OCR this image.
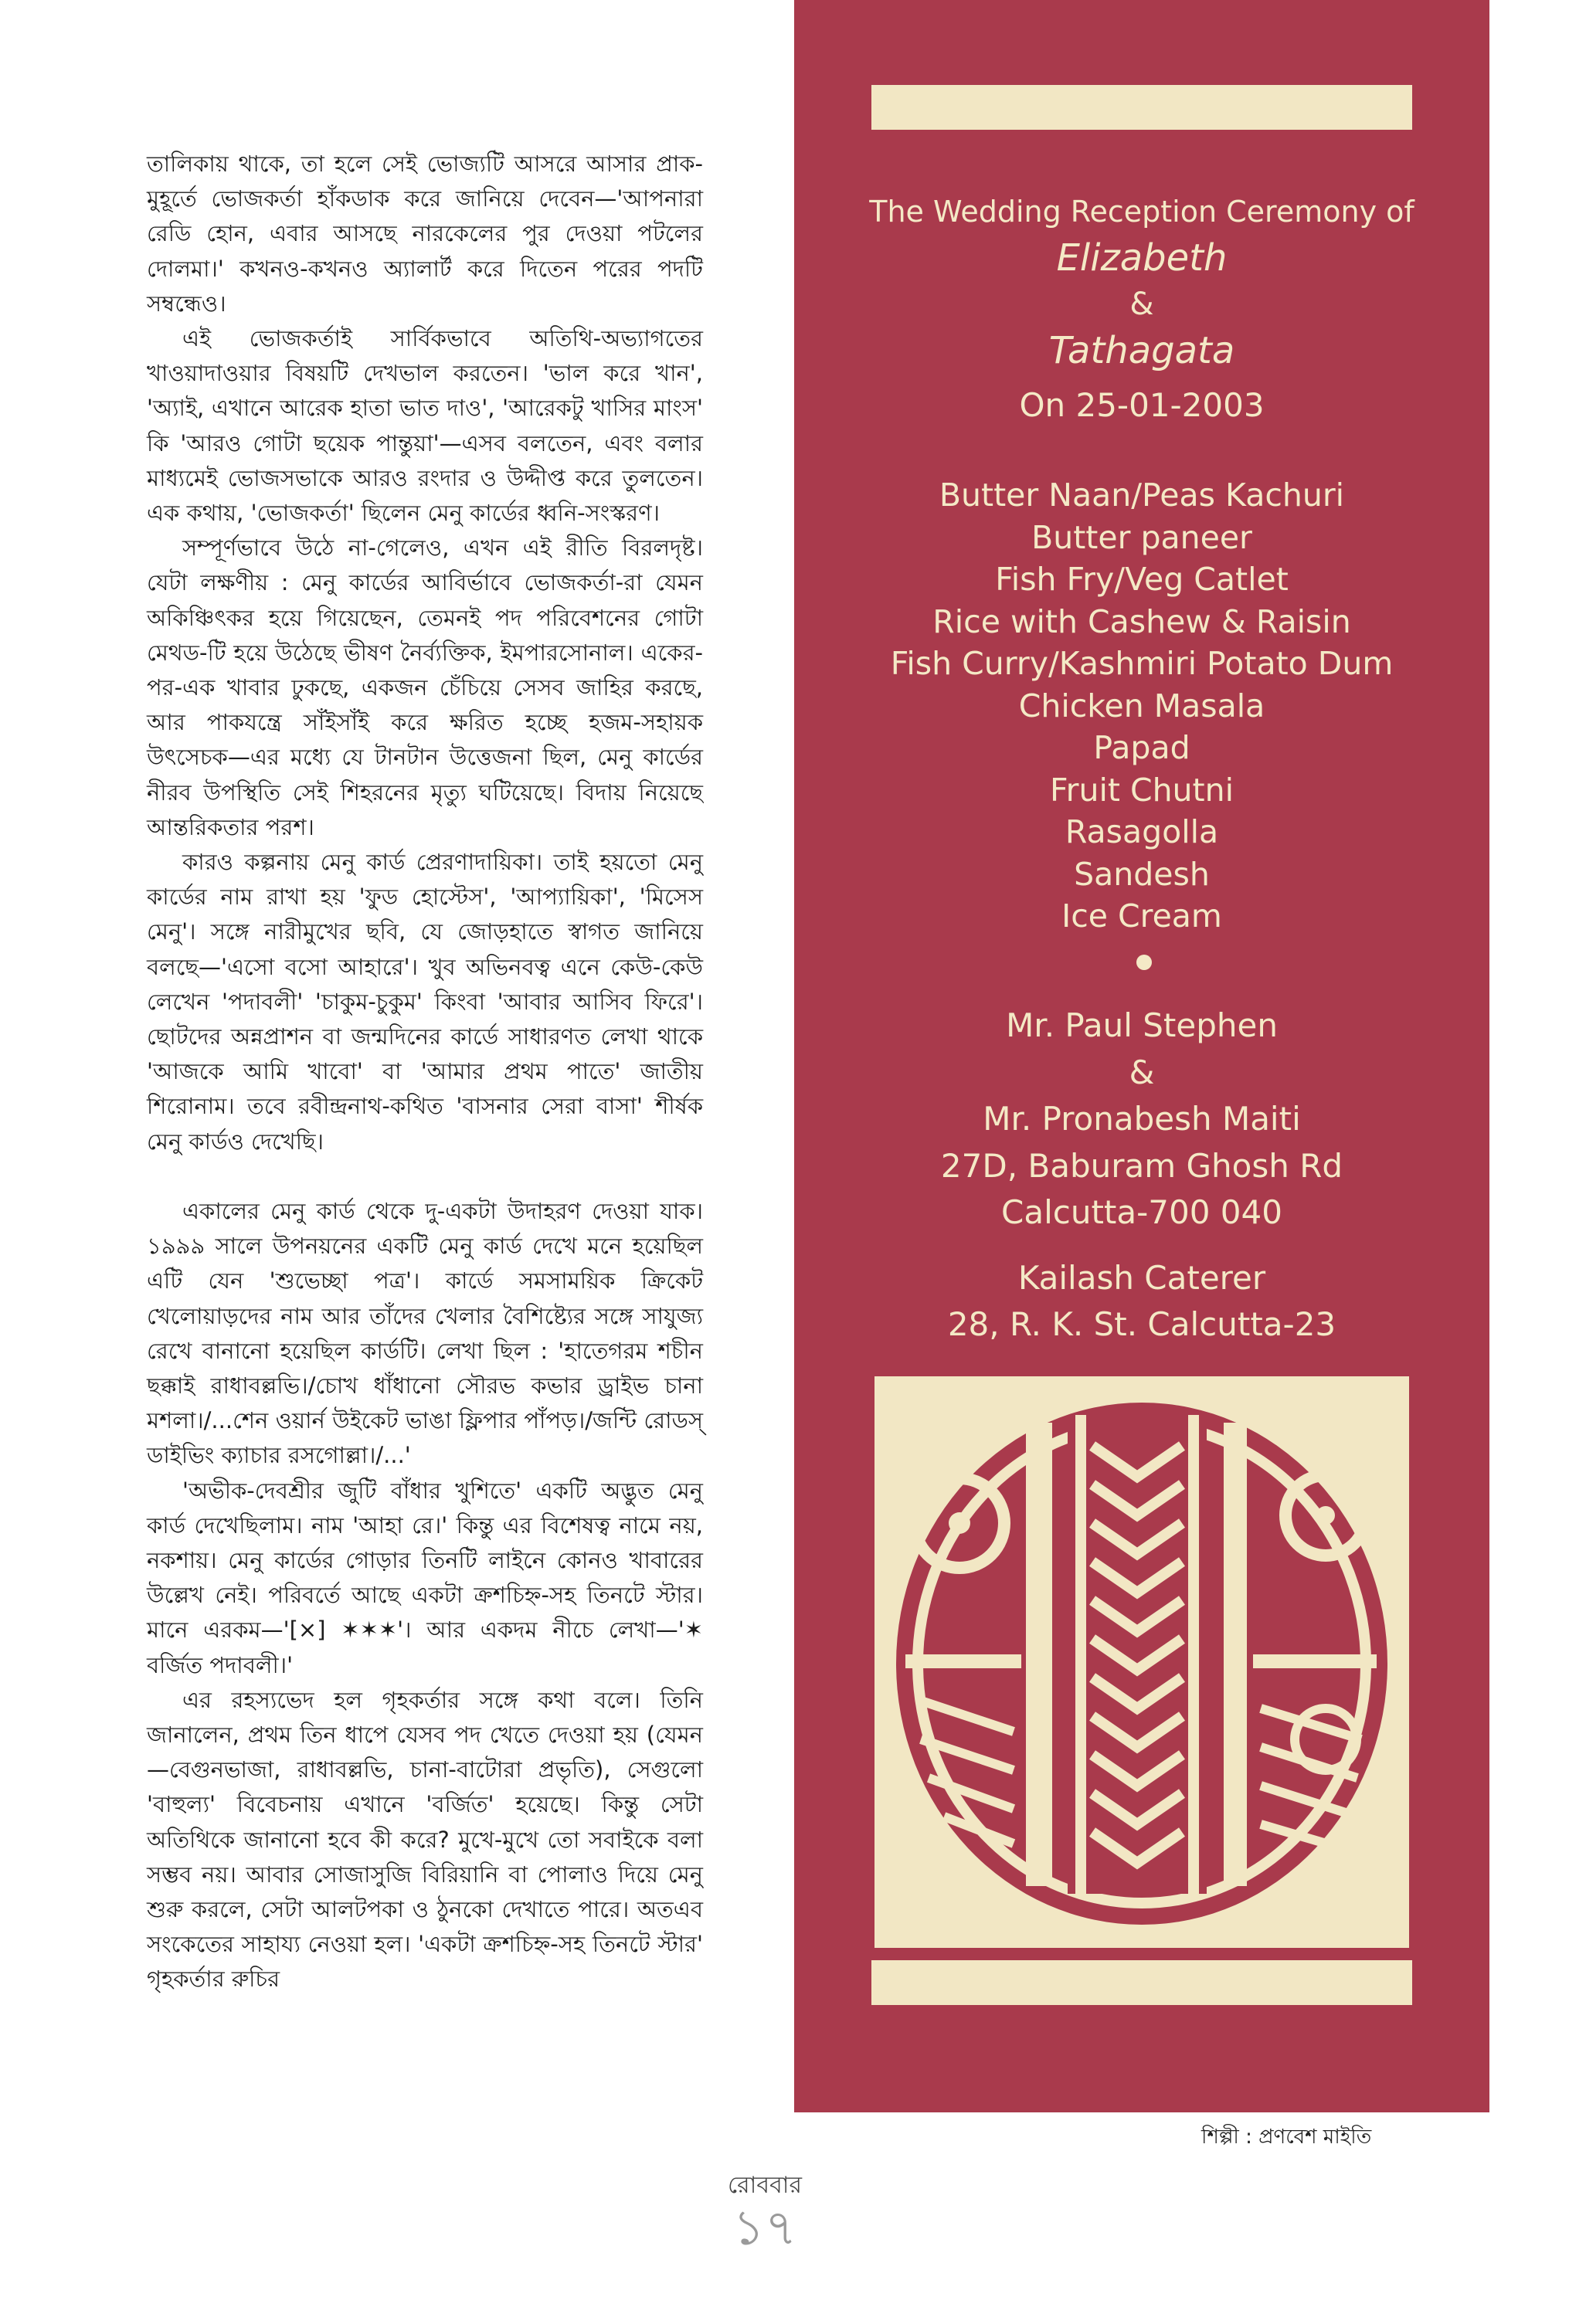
তালিকায় থাকে, তা হলে সেই ভোজ্যটি আসরে আসার প্রাক-মুহূর্তে ভোজকর্তা হাঁকডাক করে জানিয়ে দেবেন—'আপনারা রেডি হোন, এবার আসছে নারকেলের পুর দেওয়া পটলের দোলমা।' কখনও-কখনও অ্যালার্ট করে দিতেন পরের পদটি সম্বন্ধেও।

এই ভোজকর্তাই সার্বিকভাবে অতিথি-অভ্যাগতের খাওয়াদাওয়ার বিষয়টি দেখভাল করতেন। 'ভাল করে খান', 'অ্যাই, এখানে আরেক হাতা ভাত দাও', 'আরেকটু খাসির মাংস' কি 'আরও গোটা ছয়েক পান্তুয়া'—এসব বলতেন, এবং বলার মাধ্যমেই ভোজসভাকে আরও রংদার ও উদ্দীপ্ত করে তুলতেন। এক কথায়, 'ভোজকর্তা' ছিলেন মেনু কার্ডের ধ্বনি-সংস্করণ।

সম্পূর্ণভাবে উঠে না-গেলেও, এখন এই রীতি বিরলদৃষ্ট। যেটা লক্ষণীয় : মেনু কার্ডের আবির্ভাবে ভোজকর্তা-রা যেমন অকিঞ্চিৎকর হয়ে গিয়েছেন, তেমনই পদ পরিবেশনের গোটা মেথড-টি হয়ে উঠেছে ভীষণ নৈর্ব্যক্তিক, ইমপারসোনাল। একের-পর-এক খাবার ঢুকছে, একজন চেঁচিয়ে সেসব জাহির করছে, আর পাকযন্ত্রে সাঁইসাঁই করে ক্ষরিত হচ্ছে হজম-সহায়ক উৎসেচক—এর মধ্যে যে টানটান উত্তেজনা ছিল, মেনু কার্ডের নীরব উপস্থিতি সেই শিহরনের মৃত্যু ঘটিয়েছে। বিদায় নিয়েছে আন্তরিকতার পরশ।

কারও কল্পনায় মেনু কার্ড প্রেরণাদায়িকা। তাই হয়তো মেনু কার্ডের নাম রাখা হয় 'ফুড হোস্টেস', 'আপ্যায়িকা', 'মিসেস মেনু'। সঙ্গে নারীমুখের ছবি, যে জোড়হাতে স্বাগত জানিয়ে বলছে—'এসো বসো আহারে'। খুব অভিনবত্ব এনে কেউ-কেউ লেখেন 'পদাবলী' 'চাকুম-চুকুম' কিংবা 'আবার আসিব ফিরে'। ছোটদের অন্নপ্রাশন বা জন্মদিনের কার্ডে সাধারণত লেখা থাকে 'আজকে আমি খাবো' বা 'আমার প্রথম পাতে' জাতীয় শিরোনাম। তবে রবীন্দ্রনাথ-কথিত 'বাসনার সেরা বাসা' শীর্ষক মেনু কার্ডও দেখেছি।

একালের মেনু কার্ড থেকে দু-একটা উদাহরণ দেওয়া যাক। ১৯৯৯ সালে উপনয়নের একটি মেনু কার্ড দেখে মনে হয়েছিল এটি যেন 'শুভেচ্ছা পত্র'। কার্ডে সমসাময়িক ক্রিকেট খেলোয়াড়দের নাম আর তাঁদের খেলার বৈশিষ্ট্যের সঙ্গে সাযুজ্য রেখে বানানো হয়েছিল কার্ডটি। লেখা ছিল : 'হাতেগরম শচীন ছক্কাই রাধাবল্লভি।/চোখ ধাঁধানো সৌরভ কভার ড্রাইভ চানা মশলা।/...শেন ওয়ার্ন উইকেট ভাঙা ফ্লিপার পাঁপড়।/জন্টি রোডস্ ডাইভিং ক্যাচার রসগোল্লা।/...'

'অভীক-দেবশ্রীর জুটি বাঁধার খুশিতে' একটি অদ্ভুত মেনু কার্ড দেখেছিলাম। নাম 'আহা রে।' কিন্তু এর বিশেষত্ব নামে নয়, নকশায়। মেনু কার্ডের গোড়ার তিনটি লাইনে কোনও খাবারের উল্লেখ নেই। পরিবর্তে আছে একটা ক্রশচিহ্ন-সহ তিনটে স্টার। মানে এরকম—'[×] ✶✶✶'। আর একদম নীচে লেখা—'✶ বর্জিত পদাবলী।'

এর রহস্যভেদ হল গৃহকর্তার সঙ্গে কথা বলে। তিনি জানালেন, প্রথম তিন ধাপে যেসব পদ খেতে দেওয়া হয় (যেমন—বেগুনভাজা, রাধাবল্লভি, চানা-বাটোরা প্রভৃতি), সেগুলো 'বাহুল্য' বিবেচনায় এখানে 'বর্জিত' হয়েছে। কিন্তু সেটা অতিথিকে জানানো হবে কী করে? মুখে-মুখে তো সবাইকে বলা সম্ভব নয়। আবার সোজাসুজি বিরিয়ানি বা পোলাও দিয়ে মেনু শুরু করলে, সেটা আলটপকা ও ঠুনকো দেখাতে পারে। অতএব সংকেতের সাহায্য নেওয়া হল। 'একটা ক্রশচিহ্ন-সহ তিনটে স্টার' গৃহকর্তার রুচির

The Wedding Reception Ceremony of
Elizabeth
&
Tathagata
On 25-01-2003
Butter Naan/Peas Kachuri
Butter paneer
Fish Fry/Veg Catlet
Rice with Cashew & Raisin
Fish Curry/Kashmiri Potato Dum
Chicken Masala
Papad
Fruit Chutni
Rasagolla
Sandesh
Ice Cream
Mr. Paul Stephen
&
Mr. Pronabesh Maiti
27D, Baburam Ghosh Rd
Calcutta-700 040
Kailash Caterer
28, R. K. St. Calcutta-23
শিল্পী : প্রণবেশ মাইতি
রোববার
১৭
